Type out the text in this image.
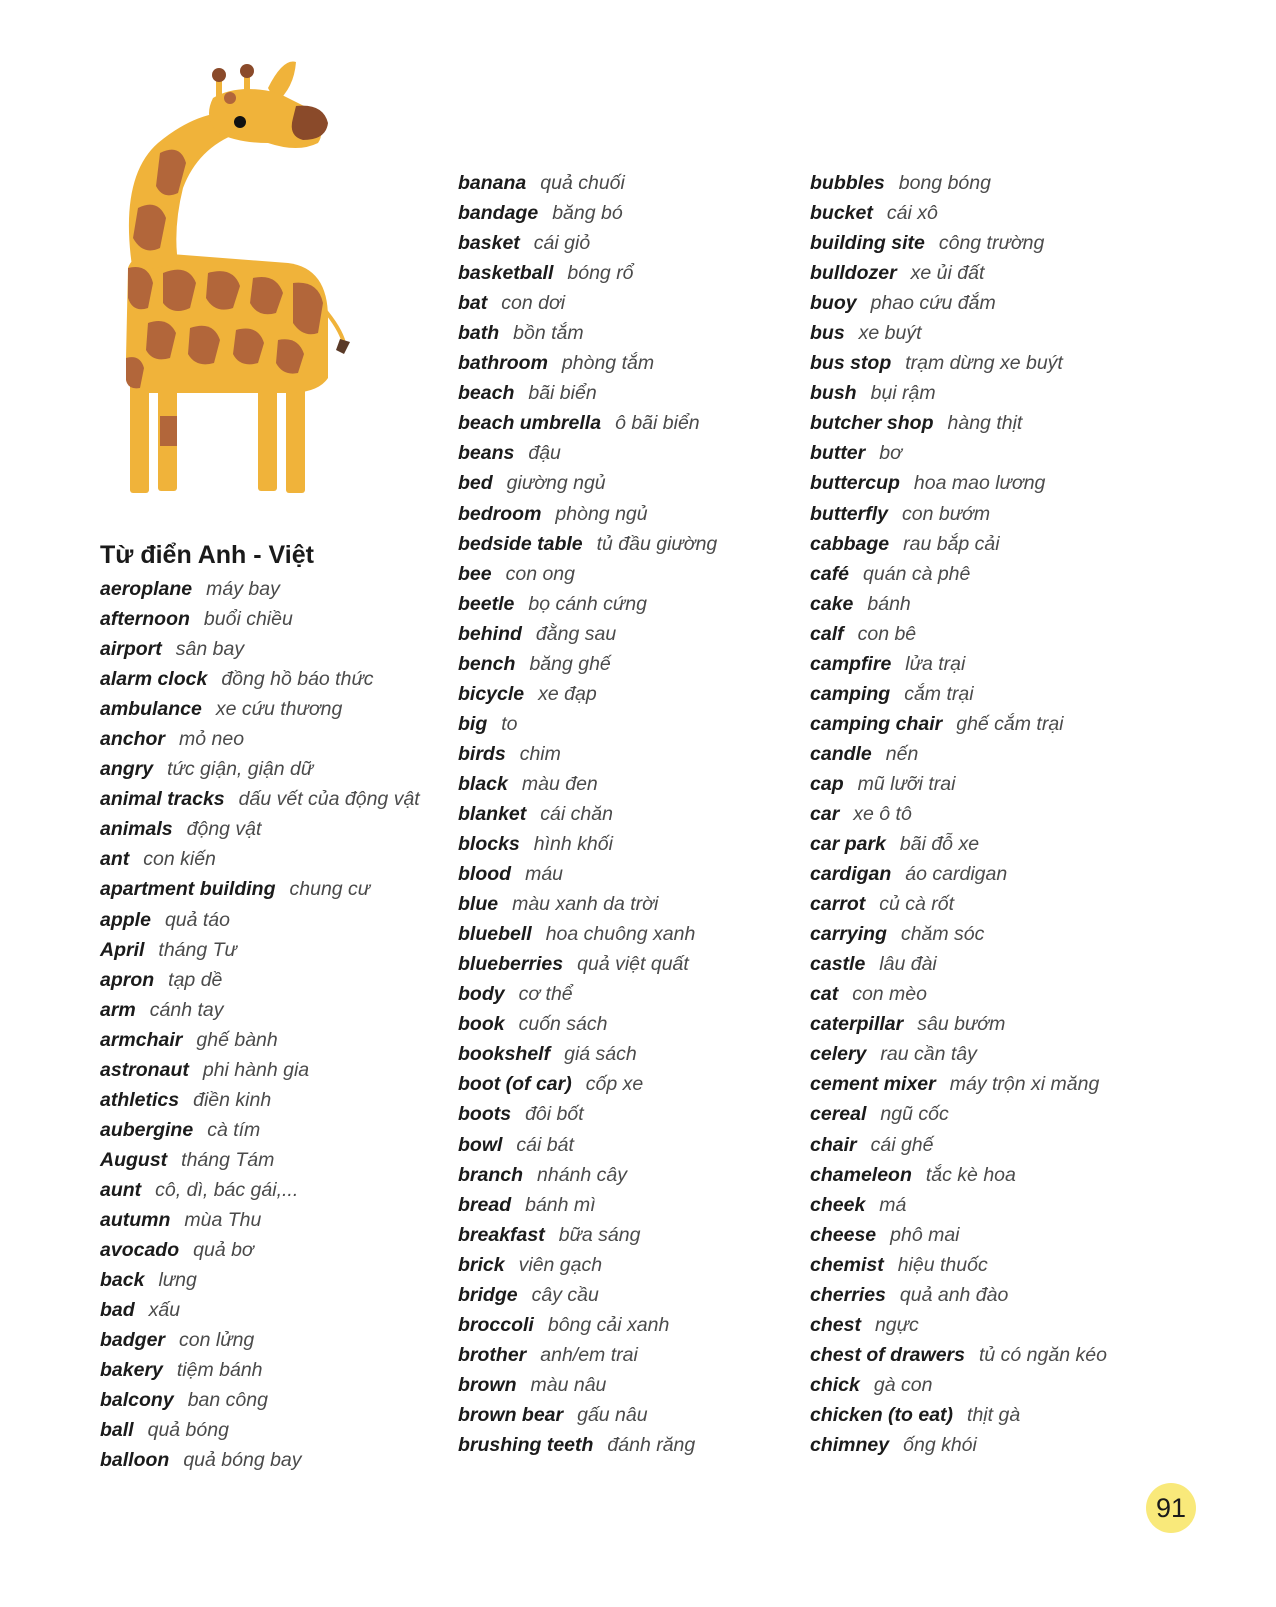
Từ điển Anh - Việt
aeroplane máy bay
afternoon buổi chiều
airport sân bay
alarm clock đồng hồ báo thức
ambulance xe cứu thương
anchor mỏ neo
angry tức giận, giận dữ
animal tracks dấu vết của động vật
animals động vật
ant con kiến
apartment building chung cư
apple quả táo
April tháng Tư
apron tạp dề
arm cánh tay
armchair ghế bành
astronaut phi hành gia
athletics điền kinh
aubergine cà tím
August tháng Tám
aunt cô, dì, bác gái,...
autumn mùa Thu
avocado quả bơ
back lưng
bad xấu
badger con lửng
bakery tiệm bánh
balcony ban công
ball quả bóng
balloon quả bóng bay
banana quả chuối
bandage băng bó
basket cái giỏ
basketball bóng rổ
bat con dơi
bath bồn tắm
bathroom phòng tắm
beach bãi biển
beach umbrella ô bãi biển
beans đậu
bed giường ngủ
bedroom phòng ngủ
bedside table tủ đầu giường
bee con ong
beetle bọ cánh cứng
behind đằng sau
bench băng ghế
bicycle xe đạp
big to
birds chim
black màu đen
blanket cái chăn
blocks hình khối
blood máu
blue màu xanh da trời
bluebell hoa chuông xanh
blueberries quả việt quất
body cơ thể
book cuốn sách
bookshelf giá sách
boot (of car) cốp xe
boots đôi bốt
bowl cái bát
branch nhánh cây
bread bánh mì
breakfast bữa sáng
brick viên gạch
bridge cây cầu
broccoli bông cải xanh
brother anh/em trai
brown màu nâu
brown bear gấu nâu
brushing teeth đánh răng
bubbles bong bóng
bucket cái xô
building site công trường
bulldozer xe ủi đất
buoy phao cứu đắm
bus xe buýt
bus stop trạm dừng xe buýt
bush bụi rậm
butcher shop hàng thịt
butter bơ
buttercup hoa mao lương
butterfly con bướm
cabbage rau bắp cải
café quán cà phê
cake bánh
calf con bê
campfire lửa trại
camping cắm trại
camping chair ghế cắm trại
candle nến
cap mũ lưỡi trai
car xe ô tô
car park bãi đỗ xe
cardigan áo cardigan
carrot củ cà rốt
carrying chăm sóc
castle lâu đài
cat con mèo
caterpillar sâu bướm
celery rau cần tây
cement mixer máy trộn xi măng
cereal ngũ cốc
chair cái ghế
chameleon tắc kè hoa
cheek má
cheese phô mai
chemist hiệu thuốc
cherries quả anh đào
chest ngực
chest of drawers tủ có ngăn kéo
chick gà con
chicken (to eat) thịt gà
chimney ống khói
91
